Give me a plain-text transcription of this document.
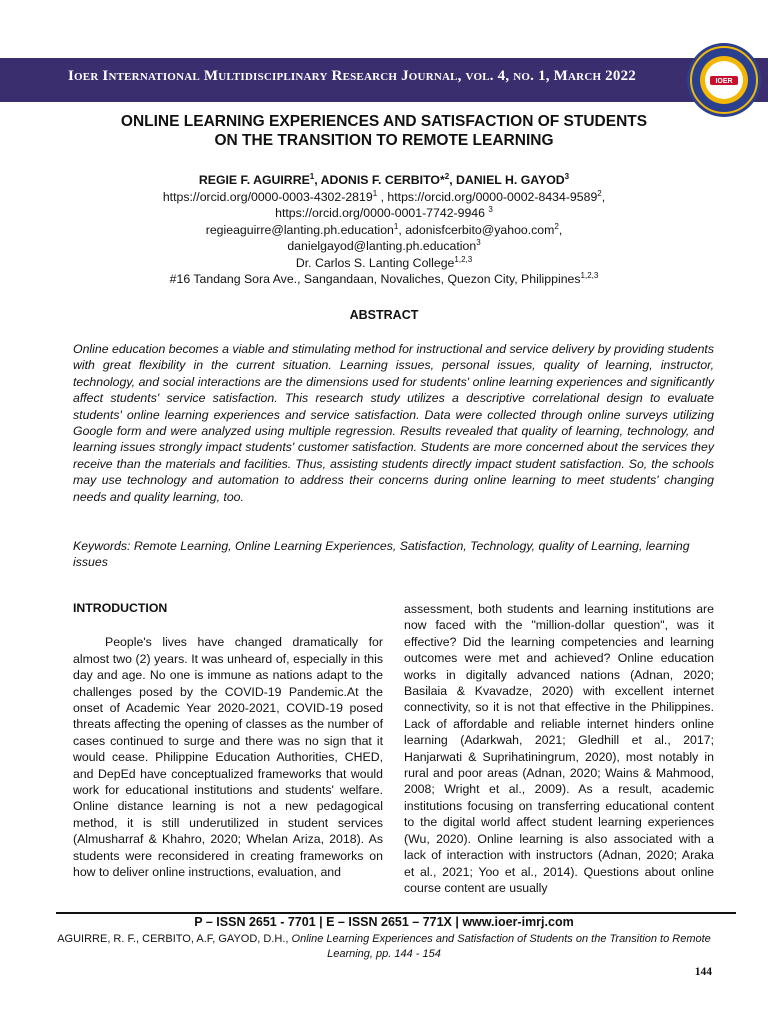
Ioer International Multidisciplinary Research Journal, vol. 4, no. 1, March 2022	IOER
ONLINE LEARNING EXPERIENCES AND SATISFACTION OF STUDENTS
ON THE TRANSITION TO REMOTE LEARNING
REGIE F. AGUIRRE$^1$, ADONIS F. CERBITO*$^2$, DANIEL H. GAYOD$^3$
https://orcid.org/0000-0003-4302-2819$^1$ , https://orcid.org/0000-0002-8434-9589$^2$,
https://orcid.org/0000-0001-7742-9946 $^3$
regieaguirre@lanting.ph.education$^1$, adonisfcerbito@yahoo.com$^2$,
danielgayod@lanting.ph.education$^3$
Dr. Carlos S. Lanting College$^{1,2,3}$
#16 Tandang Sora Ave., Sangandaan, Novaliches, Quezon City, Philippines$^{1,2,3}$
ABSTRACT
Online education becomes a viable and stimulating method for instructional and service delivery by providing students with great flexibility in the current situation. Learning issues, personal issues, quality of learning, instructor, technology, and social interactions are the dimensions used for students' online learning experiences and significantly affect students' service satisfaction. This research study utilizes a descriptive correlational design to evaluate students' online learning experiences and service satisfaction. Data were collected through online surveys utilizing Google form and were analyzed using multiple regression. Results revealed that quality of learning, technology, and learning issues strongly impact students' customer satisfaction. Students are more concerned about the services they receive than the materials and facilities. Thus, assisting students directly impact student satisfaction. So, the schools may use technology and automation to address their concerns during online learning to meet students' changing needs and quality learning, too.
Keywords: Remote Learning, Online Learning Experiences, Satisfaction, Technology, quality of Learning, learning issues
INTRODUCTION
People's lives have changed dramatically for almost two (2) years. It was unheard of, especially in this day and age. No one is immune as nations adapt to the challenges posed by the COVID-19 Pandemic.At the onset of Academic Year 2020-2021, COVID-19 posed threats affecting the opening of classes as the number of cases continued to surge and there was no sign that it would cease. Philippine Education Authorities, CHED, and DepEd have conceptualized frameworks that would work for educational institutions and students' welfare. Online distance learning is not a new pedagogical method, it is still underutilized in student services (Almusharraf & Khahro, 2020; Whelan Ariza, 2018). As students were reconsidered in creating frameworks on how to deliver online instructions, evaluation, and
assessment, both students and learning institutions are now faced with the "million-dollar question", was it effective? Did the learning competencies and learning outcomes were met and achieved? Online education works in digitally advanced nations (Adnan, 2020; Basilaia & Kvavadze, 2020) with excellent internet connectivity, so it is not that effective in the Philippines. Lack of affordable and reliable internet hinders online learning (Adarkwah, 2021; Gledhill et al., 2017; Hanjarwati & Suprihatiningrum, 2020), most notably in rural and poor areas (Adnan, 2020; Wains & Mahmood, 2008; Wright et al., 2009). As a result, academic institutions focusing on transferring educational content to the digital world affect student learning experiences (Wu, 2020). Online learning is also associated with a lack of interaction with instructors (Adnan, 2020; Araka et al., 2021; Yoo et al., 2014). Questions about online course content are usually
P – ISSN 2651 - 7701 | E – ISSN 2651 – 771X | www.ioer-imrj.com
AGUIRRE, R. F., CERBITO, A.F, GAYOD, D.H., Online Learning Experiences and Satisfaction of Students on the Transition to Remote Learning, pp. 144 - 154
144
